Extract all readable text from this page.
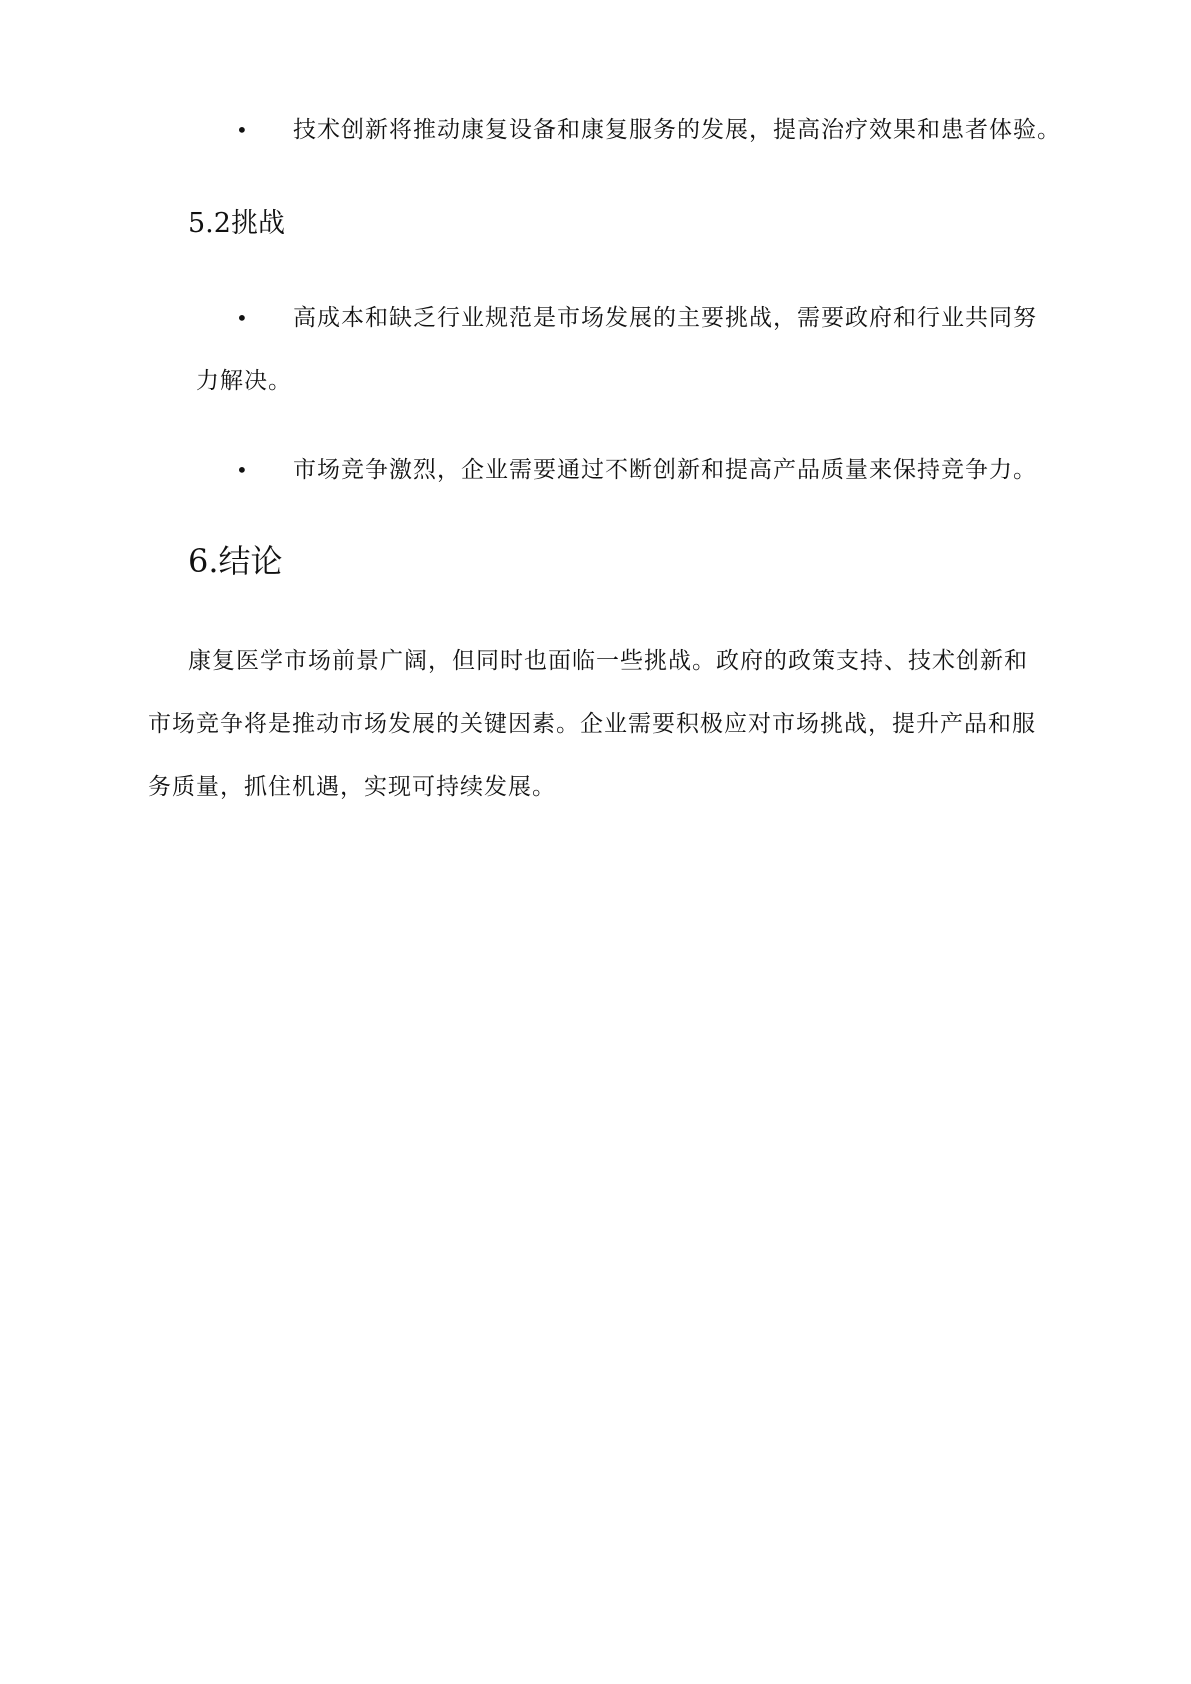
• 技术创新将推动康复设备和康复服务的发展，提高治疗效果和患者体验。
5.2挑战
• 高成本和缺乏行业规范是市场发展的主要挑战，需要政府和行业共同努
力解决。
• 市场竞争激烈，企业需要通过不断创新和提高产品质量来保持竞争力。
6.结论
康复医学市场前景广阔，但同时也面临一些挑战。政府的政策支持、技术创新和
市场竞争将是推动市场发展的关键因素。企业需要积极应对市场挑战，提升产品和服
务质量，抓住机遇，实现可持续发展。
